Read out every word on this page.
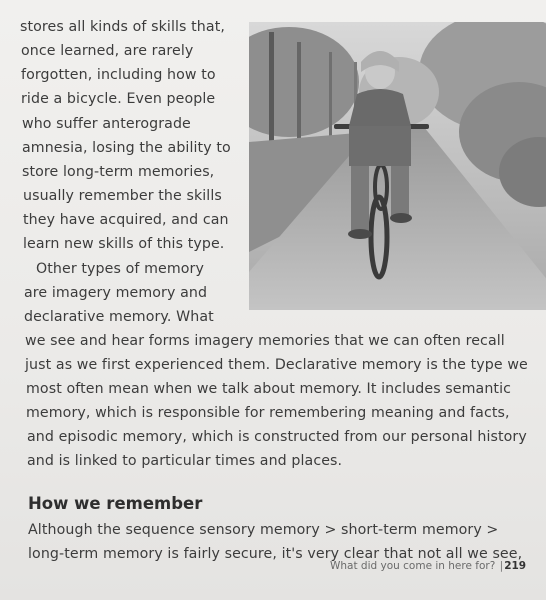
stores all kinds of skills that,
once learned, are rarely
forgotten, including how to
ride a bicycle. Even people
who suffer anterograde
amnesia, losing the ability to
store long-term memories,
usually remember the skills
they have acquired, and can
learn new skills of this type.
Other types of memory
are imagery memory and
declarative memory. What
we see and hear forms imagery memories that we can often recall
just as we first experienced them. Declarative memory is the type we
most often mean when we talk about memory. It includes semantic
memory, which is responsible for remembering meaning and facts,
and episodic memory, which is constructed from our personal history
and is linked to particular times and places.
How we remember
Although the sequence sensory memory > short-term memory >
long-term memory is fairly secure, it's very clear that not all we see,
What did you come in here for? |219
